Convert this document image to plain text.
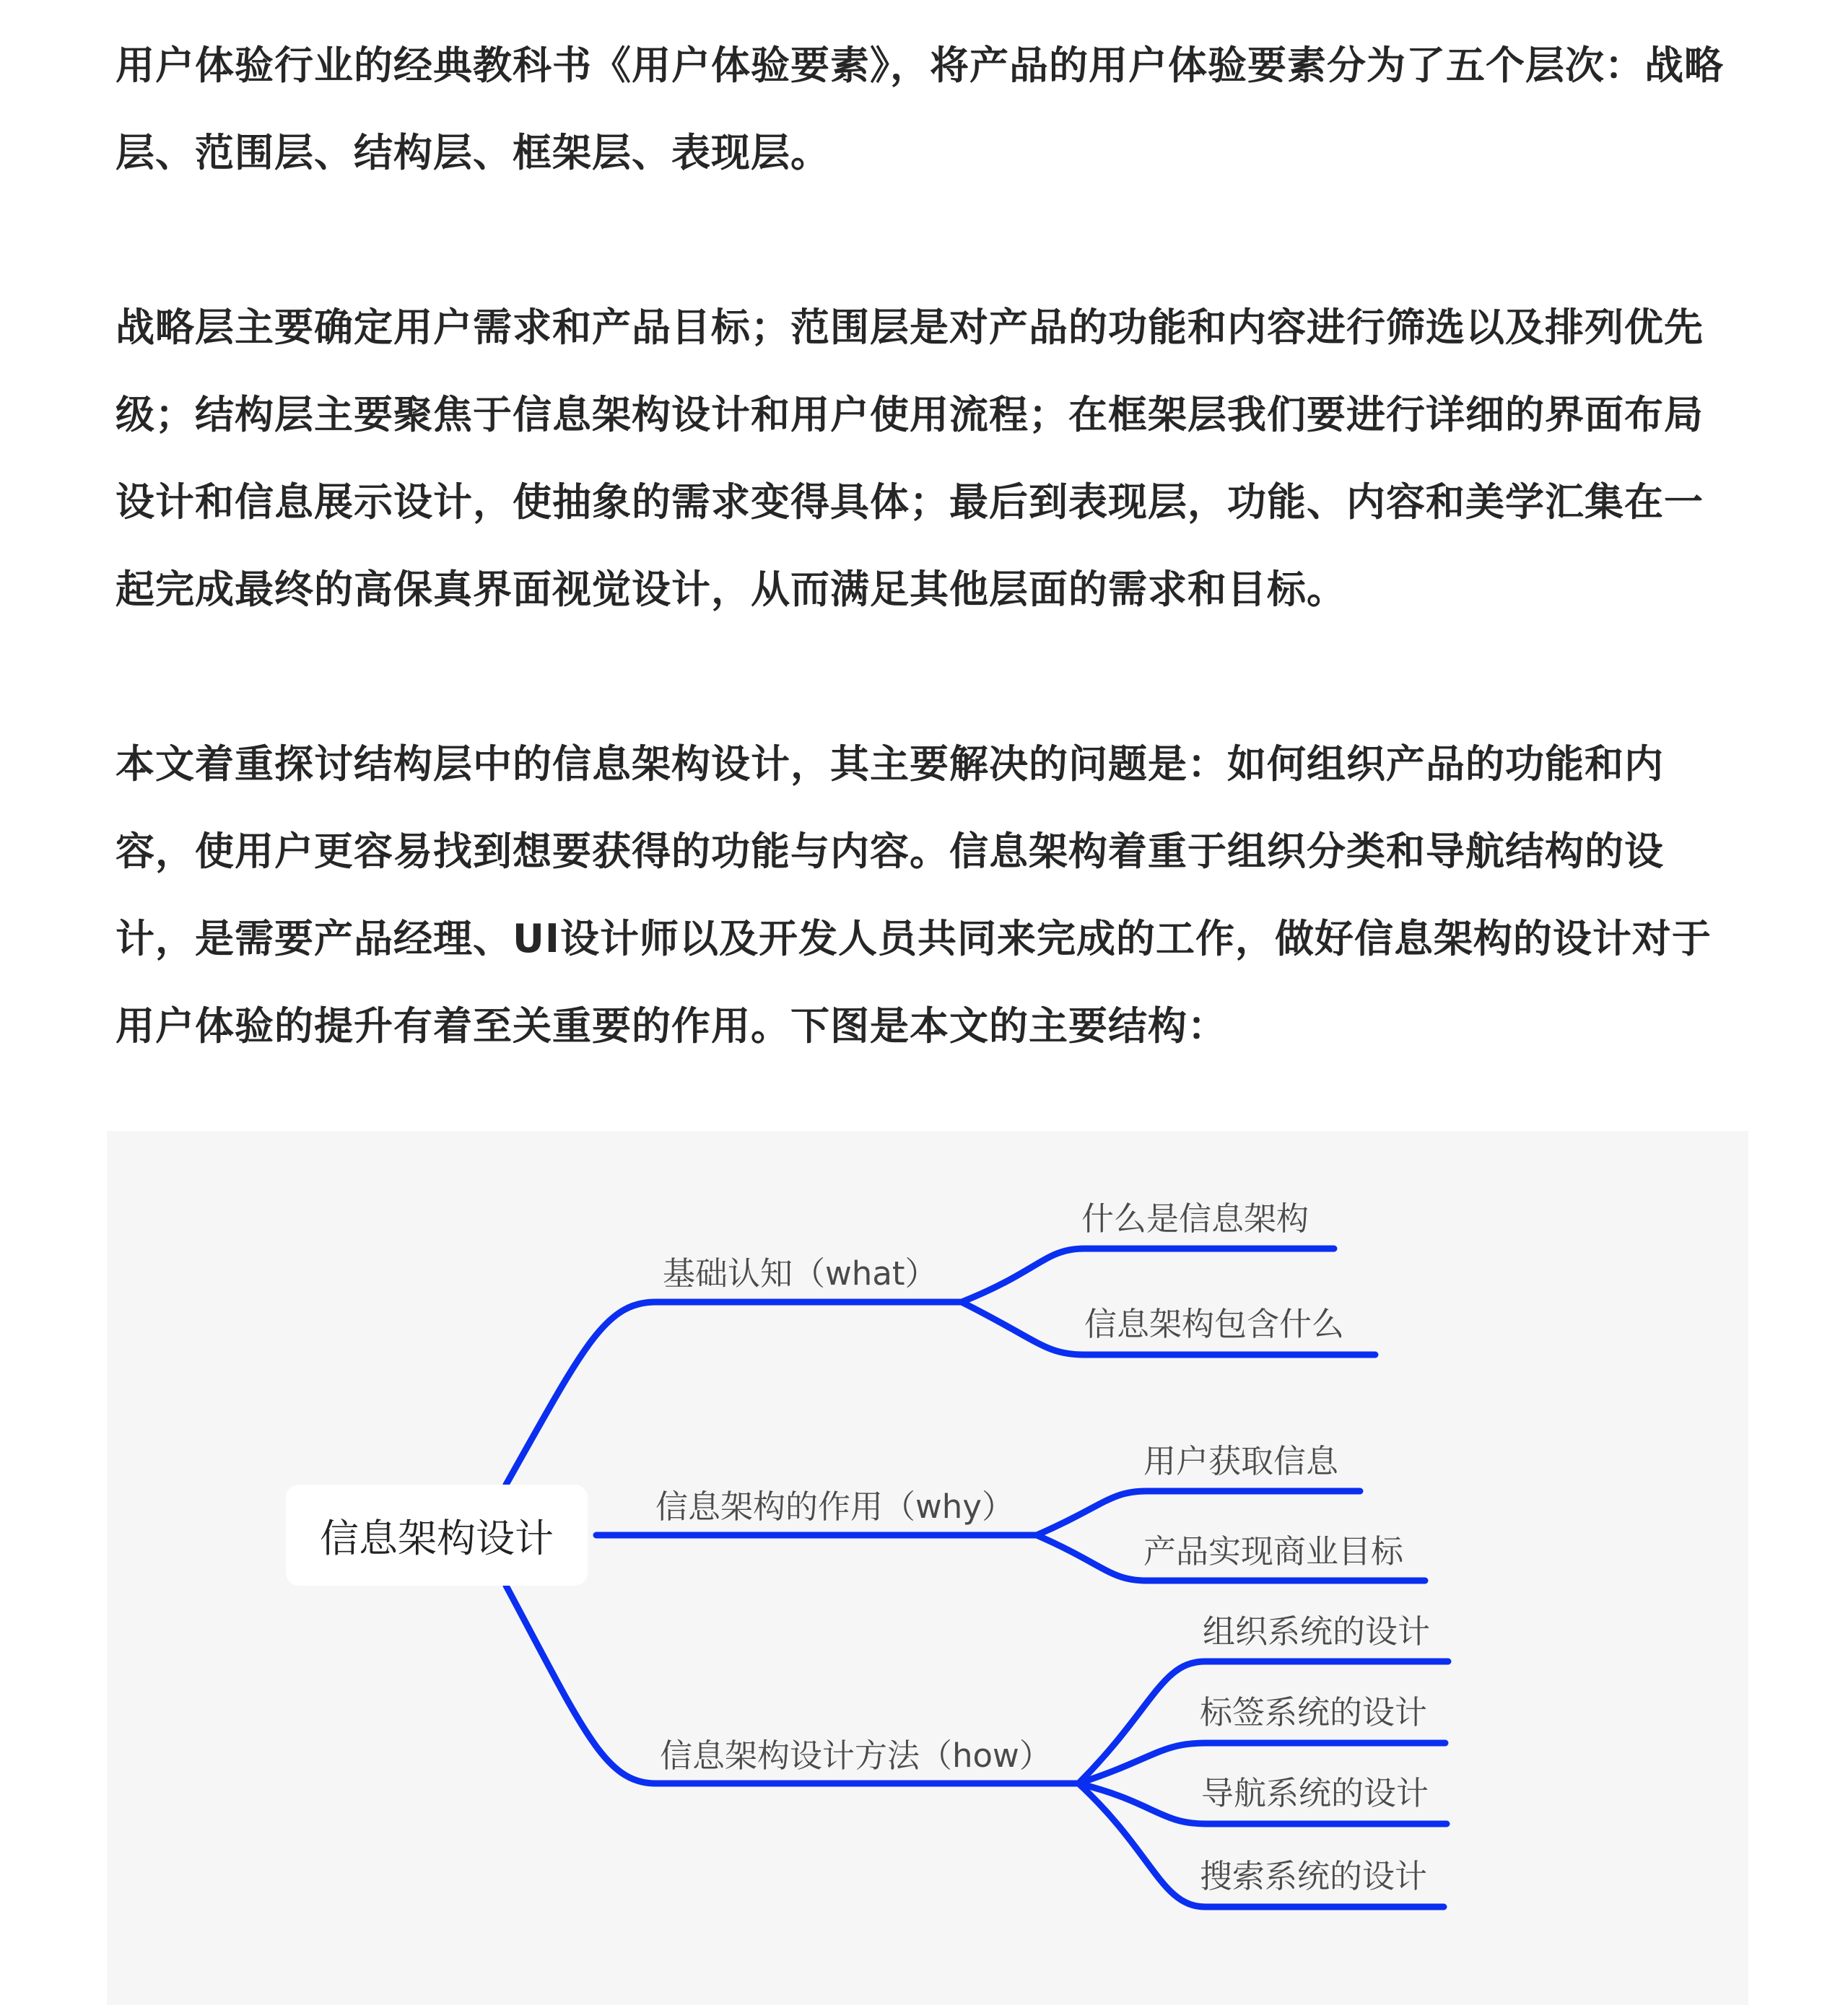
用户体验行业的经典教科书《用户体验要素》，将产品的用户体验要素分为了五个层次：战略层、范围层、结构层、框架层、表现层。

战略层主要确定用户需求和产品目标；范围层是对产品的功能和内容进行筛选以及排列优先级；结构层主要聚焦于信息架构设计和用户使用流程；在框架层我们要进行详细的界面布局设计和信息展示设计，使抽象的需求变得具体；最后到表现层，功能、内容和美学汇集在一起完成最终的高保真界面视觉设计，从而满足其他层面的需求和目标。

本文着重探讨结构层中的信息架构设计，其主要解决的问题是：如何组织产品的功能和内容，使用户更容易找到想要获得的功能与内容。信息架构着重于组织分类和导航结构的设计，是需要产品经理、UI设计师以及开发人员共同来完成的工作，做好信息架构的设计对于用户体验的提升有着至关重要的作用。下图是本文的主要结构：

信息架构设计
基础认知（what）
什么是信息架构
信息架构包含什么
信息架构的作用（why）
用户获取信息
产品实现商业目标
信息架构设计方法（how）
组织系统的设计
标签系统的设计
导航系统的设计
搜索系统的设计
